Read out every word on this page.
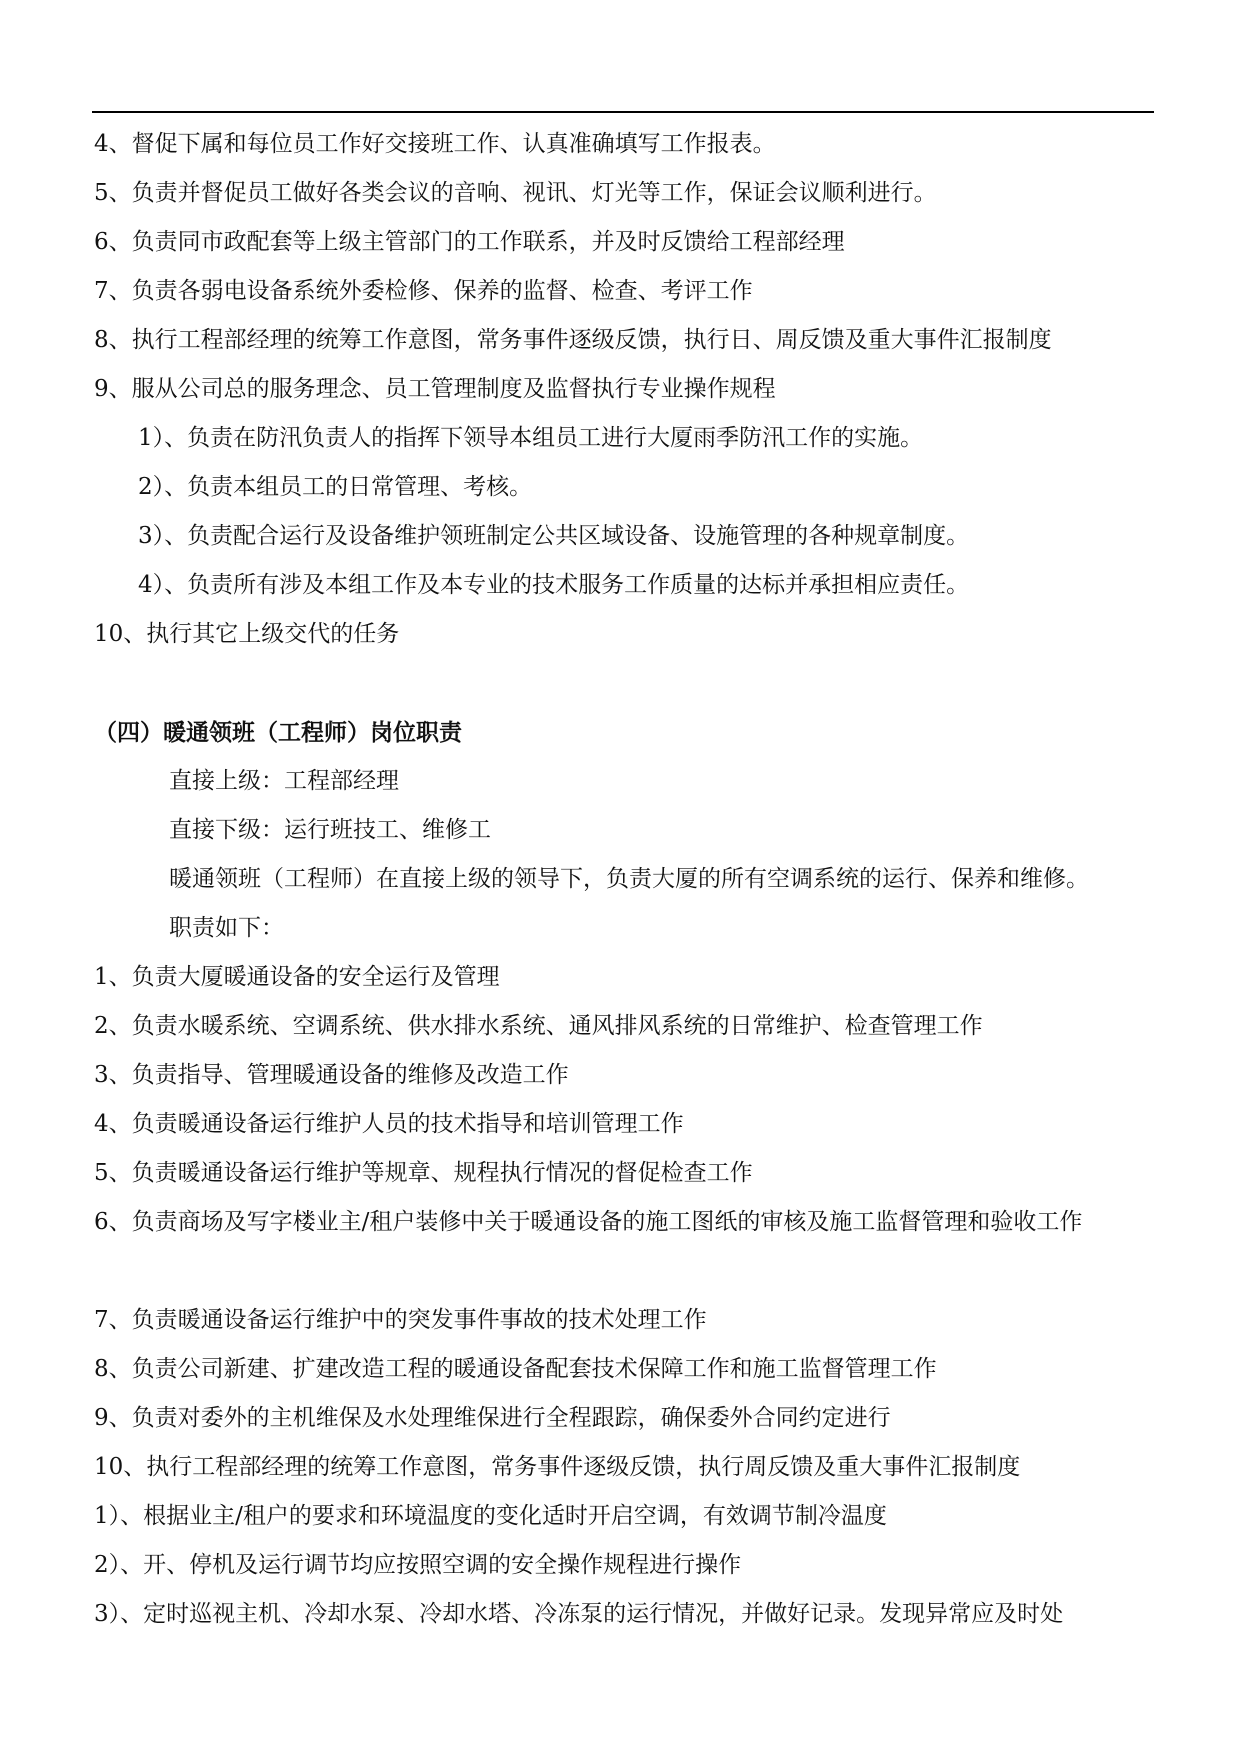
4、督促下属和每位员工作好交接班工作、认真准确填写工作报表。
5、负责并督促员工做好各类会议的音响、视讯、灯光等工作，保证会议顺利进行。
6、负责同市政配套等上级主管部门的工作联系，并及时反馈给工程部经理
7、负责各弱电设备系统外委检修、保养的监督、检查、考评工作
8、执行工程部经理的统筹工作意图，常务事件逐级反馈，执行日、周反馈及重大事件汇报制度
9、服从公司总的服务理念、员工管理制度及监督执行专业操作规程
1）、负责在防汛负责人的指挥下领导本组员工进行大厦雨季防汛工作的实施。
2）、负责本组员工的日常管理、考核。
3）、负责配合运行及设备维护领班制定公共区域设备、设施管理的各种规章制度。
4）、负责所有涉及本组工作及本专业的技术服务工作质量的达标并承担相应责任。
10、执行其它上级交代的任务
（四）暖通领班（工程师）岗位职责
直接上级：工程部经理
直接下级：运行班技工、维修工
暖通领班（工程师）在直接上级的领导下，负责大厦的所有空调系统的运行、保养和维修。
职责如下：
1、负责大厦暖通设备的安全运行及管理
2、负责水暖系统、空调系统、供水排水系统、通风排风系统的日常维护、检查管理工作
3、负责指导、管理暖通设备的维修及改造工作
4、负责暖通设备运行维护人员的技术指导和培训管理工作
5、负责暖通设备运行维护等规章、规程执行情况的督促检查工作
6、负责商场及写字楼业主/租户装修中关于暖通设备的施工图纸的审核及施工监督管理和验收工作
7、负责暖通设备运行维护中的突发事件事故的技术处理工作
8、负责公司新建、扩建改造工程的暖通设备配套技术保障工作和施工监督管理工作
9、负责对委外的主机维保及水处理维保进行全程跟踪，确保委外合同约定进行
10、执行工程部经理的统筹工作意图，常务事件逐级反馈，执行周反馈及重大事件汇报制度
1）、根据业主/租户的要求和环境温度的变化适时开启空调，有效调节制冷温度
2）、开、停机及运行调节均应按照空调的安全操作规程进行操作
3）、定时巡视主机、冷却水泵、冷却水塔、冷冻泵的运行情况，并做好记录。发现异常应及时处
